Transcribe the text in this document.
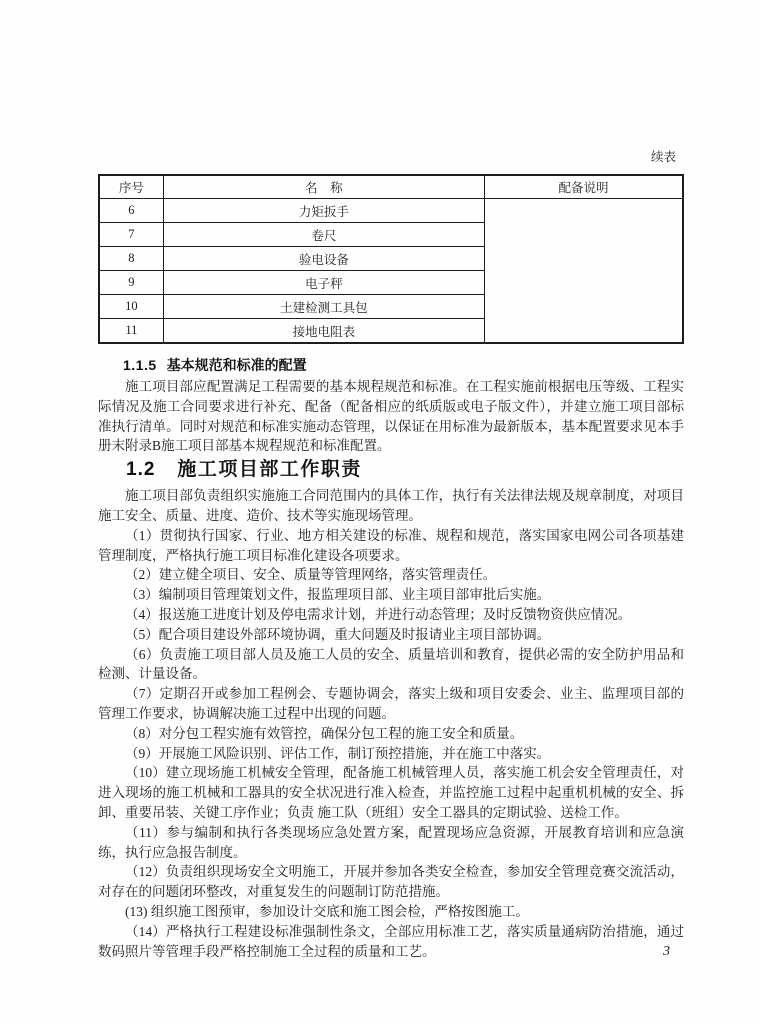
续表
序号	名　称	配备说明
6	力矩扳手	
7	卷尺	
8	验电设备	
9	电子秤	
10	土建检测工具包	
11	接地电阻表	
1.1.5 基本规范和标准的配置

施工项目部应配置满足工程需要的基本规程规范和标准。在工程实施前根据电压等级、工程实际情况及施工合同要求进行补充、配备（配备相应的纸质版或电子版文件），并建立施工项目部标准执行清单。同时对规范和标准实施动态管理，以保证在用标准为最新版本，基本配置要求见本手册末附录B施工项目部基本规程规范和标准配置。

1.2 施工项目部工作职责

施工项目部负责组织实施施工合同范围内的具体工作，执行有关法律法规及规章制度，对项目施工安全、质量、进度、造价、技术等实施现场管理。

（1）贯彻执行国家、行业、地方相关建设的标准、规程和规范，落实国家电网公司各项基建管理制度，严格执行施工项目标准化建设各项要求。

（2）建立健全项目、安全、质量等管理网络，落实管理责任。

（3）编制项目管理策划文件，报监理项目部、业主项目部审批后实施。

（4）报送施工进度计划及停电需求计划，并进行动态管理；及时反馈物资供应情况。

（5）配合项目建设外部环境协调，重大问题及时报请业主项目部协调。

（6）负责施工项目部人员及施工人员的安全、质量培训和教育，提供必需的安全防护用品和检测、计量设备。

（7）定期召开或参加工程例会、专题协调会，落实上级和项目安委会、业主、监理项目部的管理工作要求，协调解决施工过程中出现的问题。

（8）对分包工程实施有效管控，确保分包工程的施工安全和质量。

（9）开展施工风险识别、评估工作，制订预控措施，并在施工中落实。

（10）建立现场施工机械安全管理，配备施工机械管理人员，落实施工机会安全管理责任，对进入现场的施工机械和工器具的安全状况进行准入检查，并监控施工过程中起重机机械的安全、拆卸、重要吊装、关键工序作业；负责 施工队（班组）安全工器具的定期试验、送检工作。

（11）参与编制和执行各类现场应急处置方案，配置现场应急资源，开展教育培训和应急演练，执行应急报告制度。

（12）负责组织现场安全文明施工，开展并参加各类安全检查，参加安全管理竞赛交流活动，对存在的问题闭环整改，对重复发生的问题制订防范措施。

(13) 组织施工图预审，参加设计交底和施工图会检，严格按图施工。

（14）严格执行工程建设标准强制性条文，全部应用标准工艺，落实质量通病防治措施，通过数码照片等管理手段严格控制施工全过程的质量和工艺。	3
